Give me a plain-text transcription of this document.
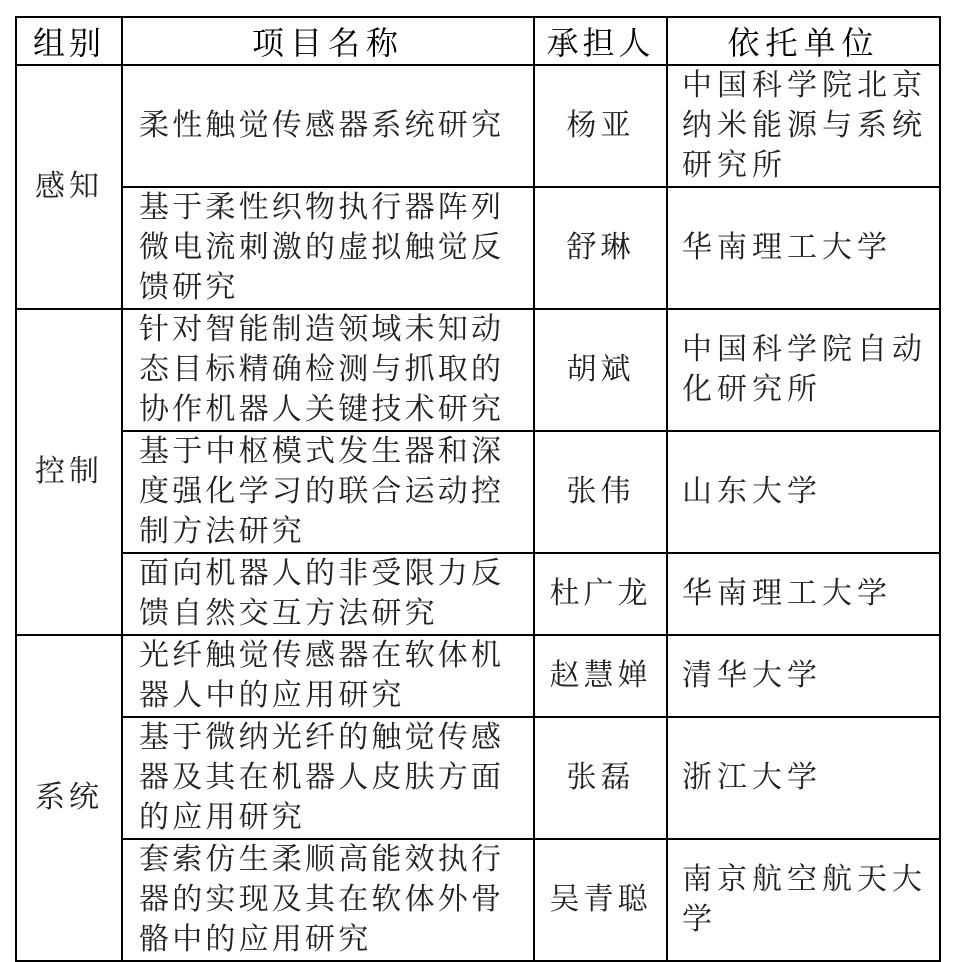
组别	项目名称	承担人	依托单位
感知	柔性触觉传感器系统研究	杨亚	中国科学院北京纳米能源与系统研究所
	基于柔性织物执行器阵列微电流刺激的虚拟触觉反馈研究	舒琳	华南理工大学
控制	针对智能制造领域未知动态目标精确检测与抓取的协作机器人关键技术研究	胡斌	中国科学院自动化研究所
	基于中枢模式发生器和深度强化学习的联合运动控制方法研究	张伟	山东大学
	面向机器人的非受限力反馈自然交互方法研究	杜广龙	华南理工大学
系统	光纤触觉传感器在软体机器人中的应用研究	赵慧婵	清华大学
	基于微纳光纤的触觉传感器及其在机器人皮肤方面的应用研究	张磊	浙江大学
	套索仿生柔顺高能效执行器的实现及其在软体外骨骼中的应用研究	吴青聪	南京航空航天大学
